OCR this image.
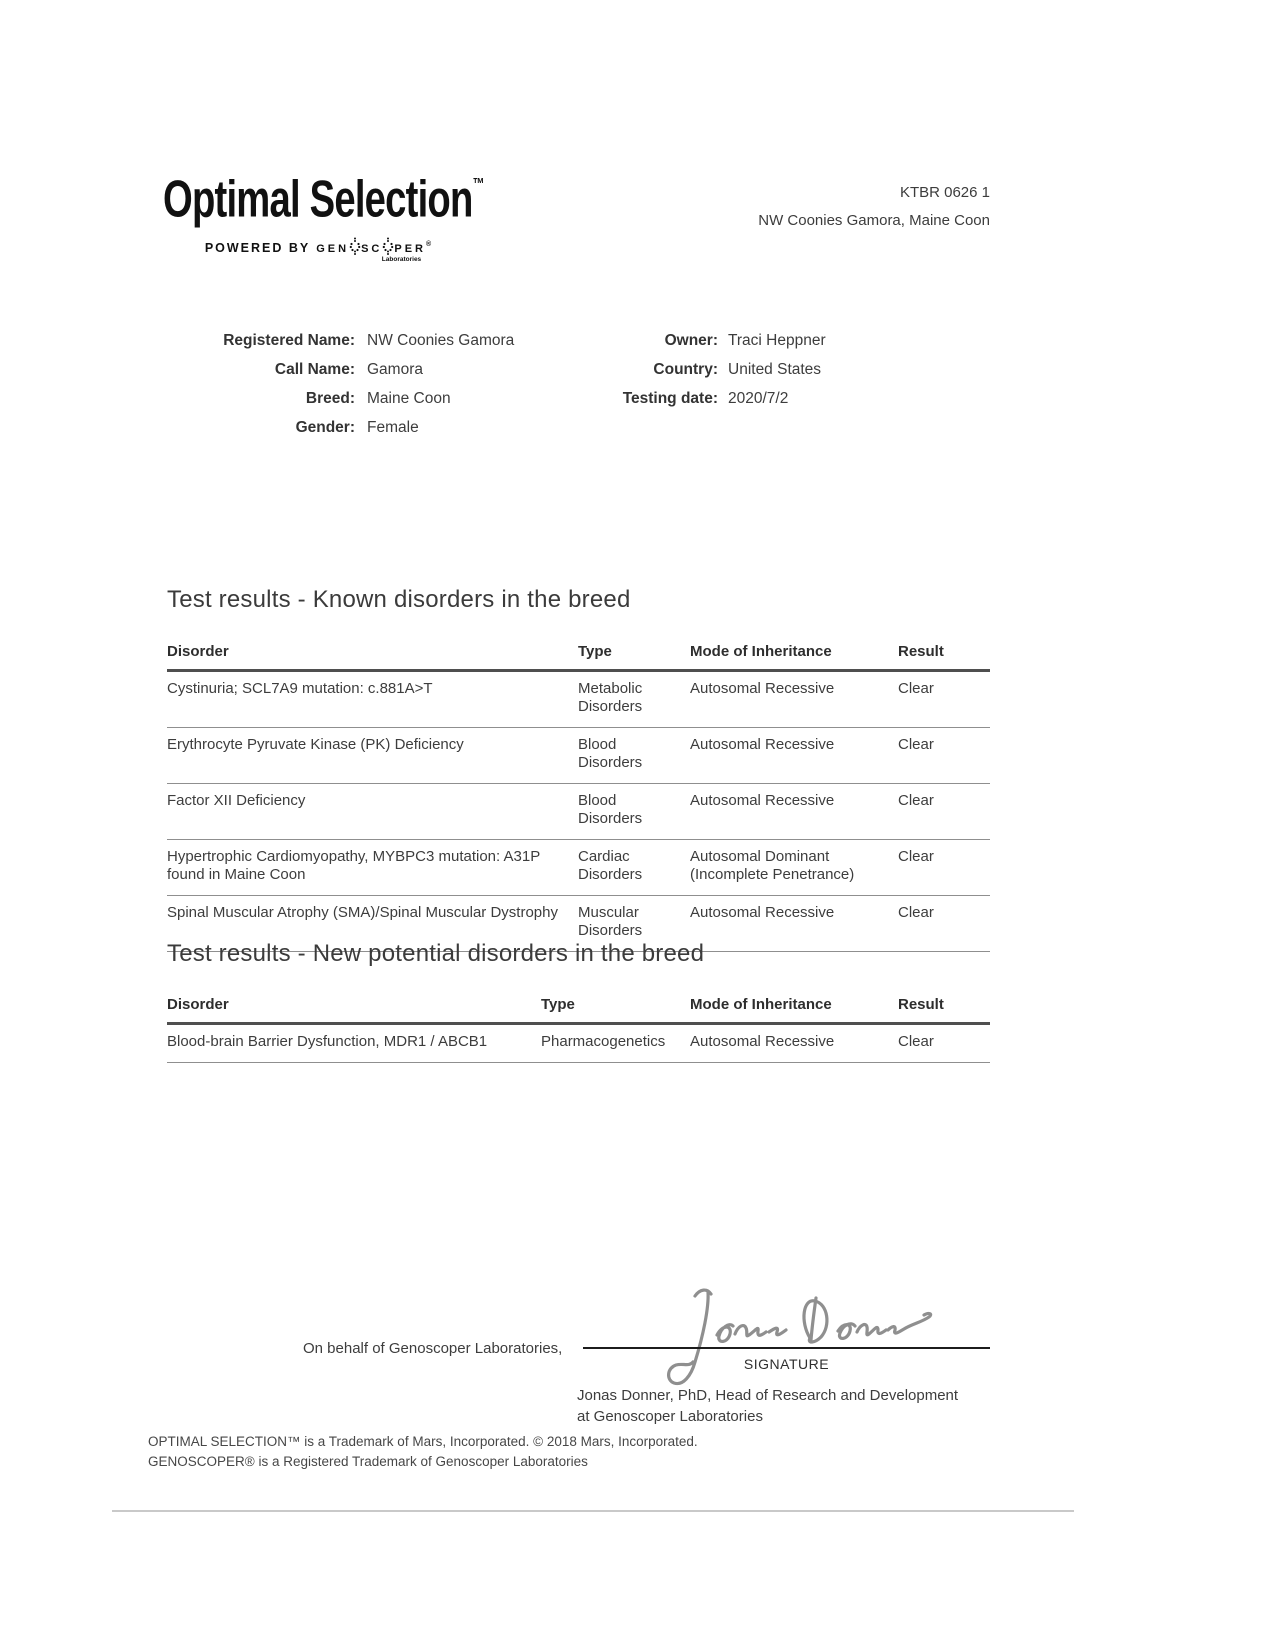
Optimal Selection™
POWERED BY GEN SC PER®
Laboratories
KTBR 0626 1
NW Coonies Gamora, Maine Coon
Registered Name: NW Coonies Gamora
Call Name: Gamora
Breed: Maine Coon
Gender: Female
Owner: Traci Heppner
Country: United States
Testing date: 2020/7/2
Test results - Known disorders in the breed
Disorder	Type	Mode of Inheritance	Result
Cystinuria; SCL7A9 mutation: c.881A>T	Metabolic Disorders	Autosomal Recessive	Clear
Erythrocyte Pyruvate Kinase (PK) Deficiency	Blood Disorders	Autosomal Recessive	Clear
Factor XII Deficiency	Blood Disorders	Autosomal Recessive	Clear
Hypertrophic Cardiomyopathy, MYBPC3 mutation: A31P found in Maine Coon	Cardiac Disorders	Autosomal Dominant (Incomplete Penetrance)	Clear
Spinal Muscular Atrophy (SMA)/Spinal Muscular Dystrophy	Muscular Disorders	Autosomal Recessive	Clear
Test results - New potential disorders in the breed
Disorder	Type	Mode of Inheritance	Result
Blood-brain Barrier Dysfunction, MDR1 / ABCB1	Pharmacogenetics	Autosomal Recessive	Clear
On behalf of Genoscoper Laboratories,
SIGNATURE
Jonas Donner, PhD, Head of Research and Development
at Genoscoper Laboratories
OPTIMAL SELECTION™ is a Trademark of Mars, Incorporated. © 2018 Mars, Incorporated.
GENOSCOPER® is a Registered Trademark of Genoscoper Laboratories
